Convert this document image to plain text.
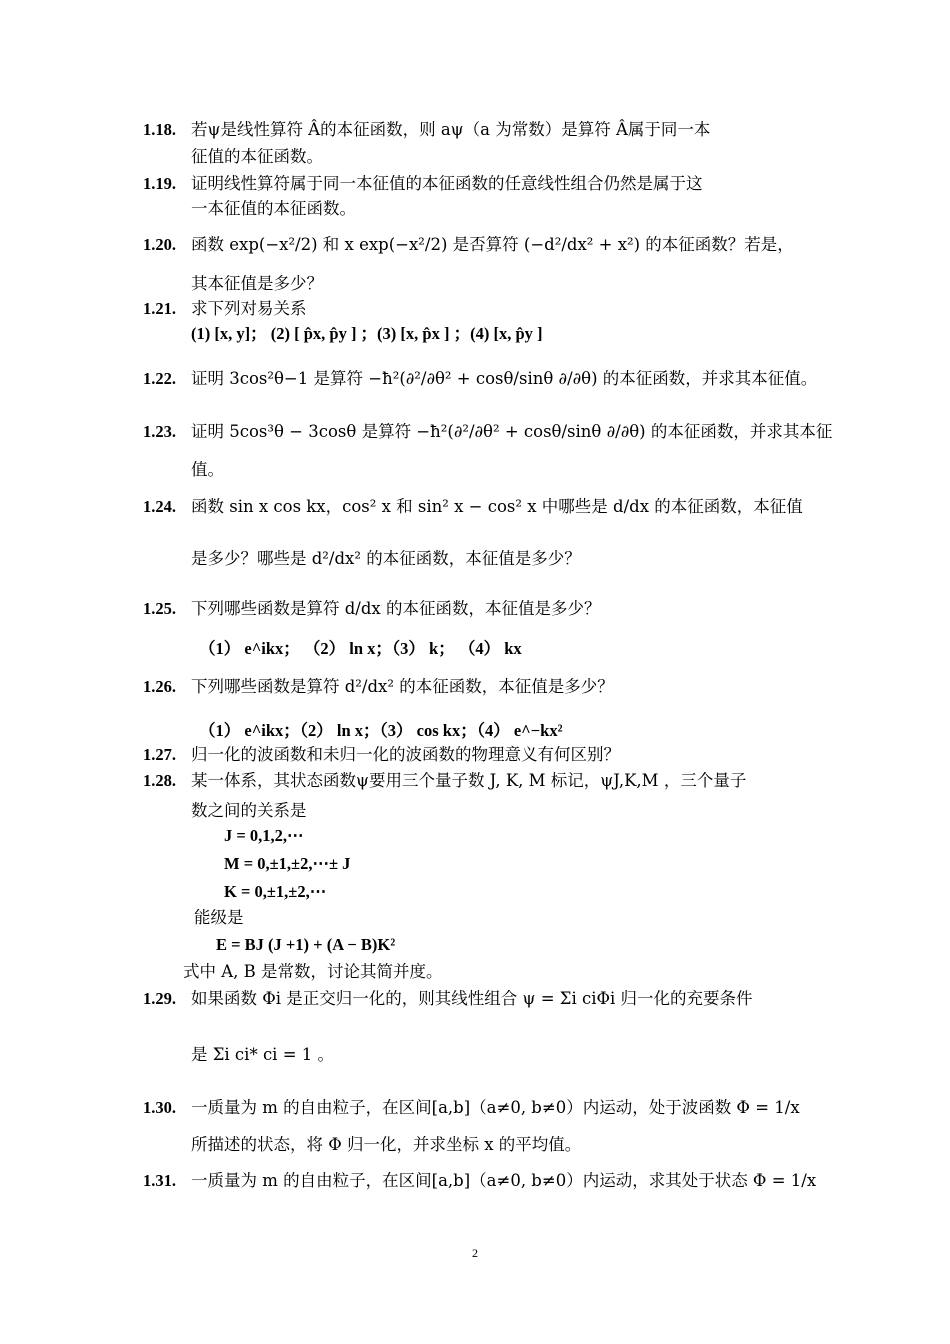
1.18. 若ψ是线性算符 Â的本征函数，则 aψ（a 为常数）是算符 Â属于同一本
征值的本征函数。
1.19. 证明线性算符属于同一本征值的本征函数的任意线性组合仍然是属于这
一本征值的本征函数。
1.20. 函数 exp(−x²/2) 和 x exp(−x²/2) 是否算符 (−d²/dx² + x²) 的本征函数？若是，
其本征值是多少？
1.21. 求下列对易关系
(1) [x, y]； (2) [ p̂x, p̂y ] ；(3) [x, p̂x ] ；(4) [x, p̂y ]
1.22. 证明 3cos²θ−1 是算符 −ħ²(∂²/∂θ² + cosθ/sinθ ∂/∂θ) 的本征函数，并求其本征值。
1.23. 证明 5cos³θ − 3cosθ 是算符 −ħ²(∂²/∂θ² + cosθ/sinθ ∂/∂θ) 的本征函数，并求其本征
值。
1.24. 函数 sin x cos kx，cos² x 和 sin² x − cos² x 中哪些是 d/dx 的本征函数，本征值
是多少？哪些是 d²/dx² 的本征函数，本征值是多少？
1.25. 下列哪些函数是算符 d/dx 的本征函数，本征值是多少？
（1） e^ikx； （2） ln x；（3） k； （4） kx
1.26. 下列哪些函数是算符 d²/dx² 的本征函数，本征值是多少？
（1） e^ikx；（2） ln x；（3） cos kx；（4） e^−kx²
1.27. 归一化的波函数和未归一化的波函数的物理意义有何区别？
1.28. 某一体系，其状态函数ψ要用三个量子数 J, K, M 标记，ψJ,K,M ，三个量子
数之间的关系是
J = 0,1,2,⋯
M = 0,±1,±2,⋯± J
K = 0,±1,±2,⋯
能级是
E = BJ (J +1) + (A − B)K²
式中 A, B 是常数，讨论其简并度。
1.29. 如果函数 Φi 是正交归一化的，则其线性组合 ψ = Σi ciΦi 归一化的充要条件
是 Σi ci* ci = 1 。
1.30. 一质量为 m 的自由粒子，在区间[a,b]（a≠0, b≠0）内运动，处于波函数 Φ = 1/x
所描述的状态，将 Φ 归一化，并求坐标 x 的平均值。
1.31. 一质量为 m 的自由粒子，在区间[a,b]（a≠0, b≠0）内运动，求其处于状态 Φ = 1/x
2
